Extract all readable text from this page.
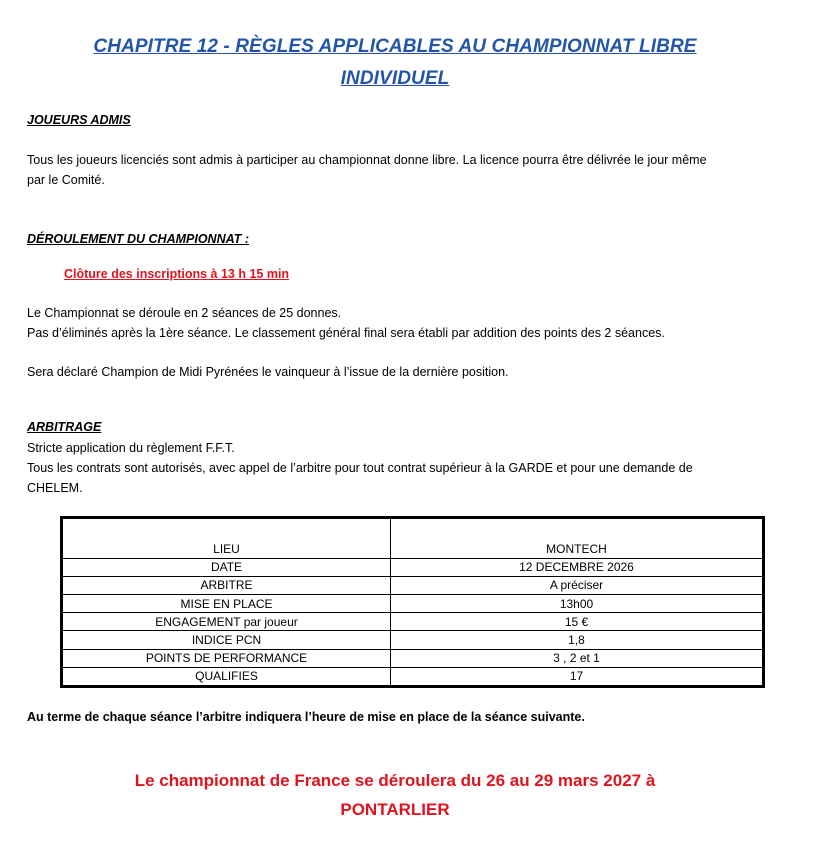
CHAPITRE 12 - RÈGLES APPLICABLES AU CHAMPIONNAT LIBRE
INDIVIDUEL
JOUEURS ADMIS
Tous les joueurs licenciés sont admis à participer au championnat donne libre. La licence pourra être délivrée le jour même
par le Comité.
DÉROULEMENT DU CHAMPIONNAT :
Clôture des inscriptions à 13 h 15 min
Le Championnat se déroule en 2 séances de 25 donnes.
Pas d’éliminés après la 1ère séance. Le classement général final sera établi par addition des points des 2 séances.
Sera déclaré Champion de Midi Pyrénées le vainqueur à l’issue de la dernière position.
ARBITRAGE
Stricte application du règlement F.F.T.
Tous les contrats sont autorisés, avec appel de l’arbitre pour tout contrat supérieur à la GARDE et pour une demande de
CHELEM.
LIEU	MONTECH
DATE	12 DECEMBRE 2026
ARBITRE	A préciser
MISE EN PLACE	13h00
ENGAGEMENT par joueur	15 €
INDICE PCN	1,8
POINTS DE PERFORMANCE	3 , 2 et 1
QUALIFIES	17
Au terme de chaque séance l’arbitre indiquera l’heure de mise en place de la séance suivante.
Le championnat de France se déroulera du 26 au 29 mars 2027 à
PONTARLIER
